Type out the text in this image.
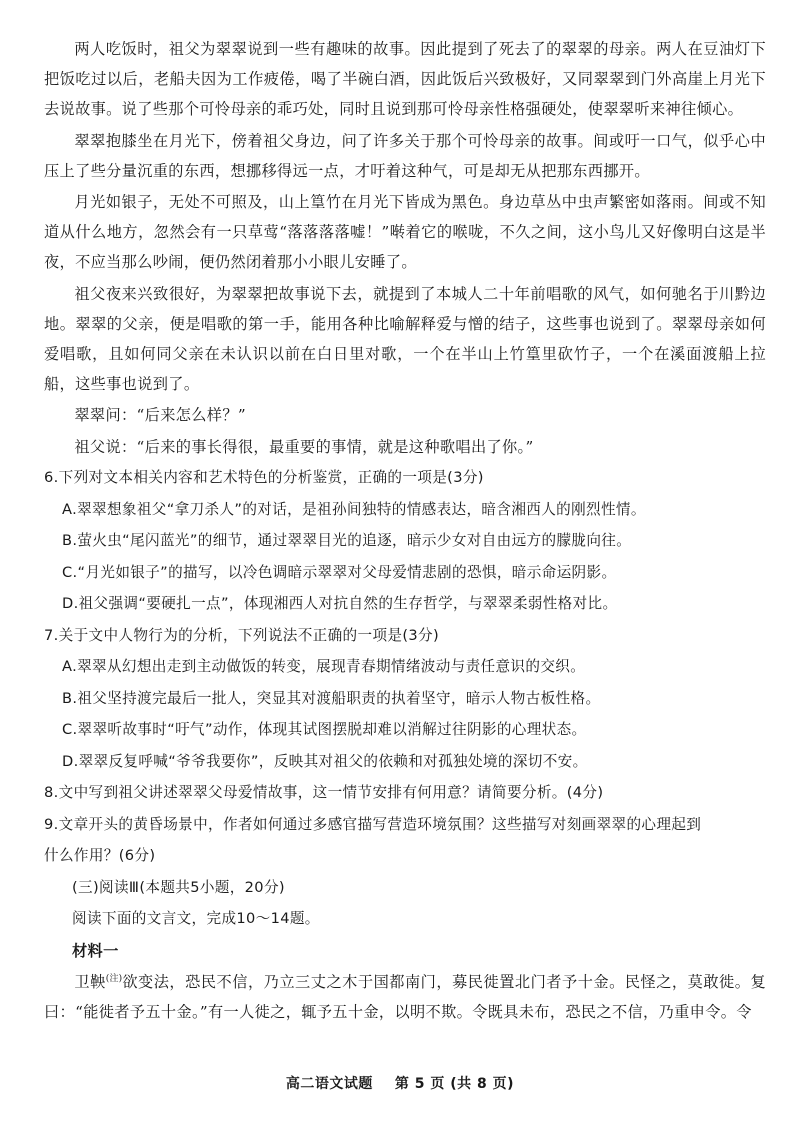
两人吃饭时，祖父为翠翠说到一些有趣味的故事。因此提到了死去了的翠翠的母亲。两人在豆油灯下把饭吃过以后，老船夫因为工作疲倦，喝了半碗白酒，因此饭后兴致极好，又同翠翠到门外高崖上月光下去说故事。说了些那个可怜母亲的乖巧处，同时且说到那可怜母亲性格强硬处，使翠翠听来神往倾心。

翠翠抱膝坐在月光下，傍着祖父身边，问了许多关于那个可怜母亲的故事。间或吁一口气，似乎心中压上了些分量沉重的东西，想挪移得远一点，才吁着这种气，可是却无从把那东西挪开。

月光如银子，无处不可照及，山上篁竹在月光下皆成为黑色。身边草丛中虫声繁密如落雨。间或不知道从什么地方，忽然会有一只草莺“落落落落嘘！”啭着它的喉咙，不久之间，这小鸟儿又好像明白这是半夜，不应当那么吵闹，便仍然闭着那小小眼儿安睡了。

祖父夜来兴致很好，为翠翠把故事说下去，就提到了本城人二十年前唱歌的风气，如何驰名于川黔边地。翠翠的父亲，便是唱歌的第一手，能用各种比喻解释爱与憎的结子，这些事也说到了。翠翠母亲如何爱唱歌，且如何同父亲在未认识以前在白日里对歌，一个在半山上竹篁里砍竹子，一个在溪面渡船上拉船，这些事也说到了。

翠翠问：“后来怎么样？”

祖父说：“后来的事长得很，最重要的事情，就是这种歌唱出了你。”

6.下列对文本相关内容和艺术特色的分析鉴赏，正确的一项是(3分)

A.翠翠想象祖父“拿刀杀人”的对话，是祖孙间独特的情感表达，暗含湘西人的刚烈性情。

B.萤火虫“尾闪蓝光”的细节，通过翠翠目光的追逐，暗示少女对自由远方的朦胧向往。

C.“月光如银子”的描写，以冷色调暗示翠翠对父母爱情悲剧的恐惧，暗示命运阴影。

D.祖父强调“要硬扎一点”，体现湘西人对抗自然的生存哲学，与翠翠柔弱性格对比。

7.关于文中人物行为的分析，下列说法不正确的一项是(3分)

A.翠翠从幻想出走到主动做饭的转变，展现青春期情绪波动与责任意识的交织。

B.祖父坚持渡完最后一批人，突显其对渡船职责的执着坚守，暗示人物古板性格。

C.翠翠听故事时“吁气”动作，体现其试图摆脱却难以消解过往阴影的心理状态。

D.翠翠反复呼喊“爷爷我要你”，反映其对祖父的依赖和对孤独处境的深切不安。

8.文中写到祖父讲述翠翠父母爱情故事，这一情节安排有何用意？请简要分析。(4分)

9.文章开头的黄昏场景中，作者如何通过多感官描写营造环境氛围？这些描写对刻画翠翠的心理起到

什么作用？(6分)

(三)阅读Ⅲ(本题共5小题，20分)

阅读下面的文言文，完成10～14题。

材料一

卫鞅$^{(注)}$欲变法，恐民不信，乃立三丈之木于国都南门，募民徙置北门者予十金。民怪之，莫敢徙。复曰：“能徙者予五十金。”有一人徙之，辄予五十金，以明不欺。令既具未布，恐民之不信，乃重申令。令

高二语文试题 第 5 页 (共 8 页)
